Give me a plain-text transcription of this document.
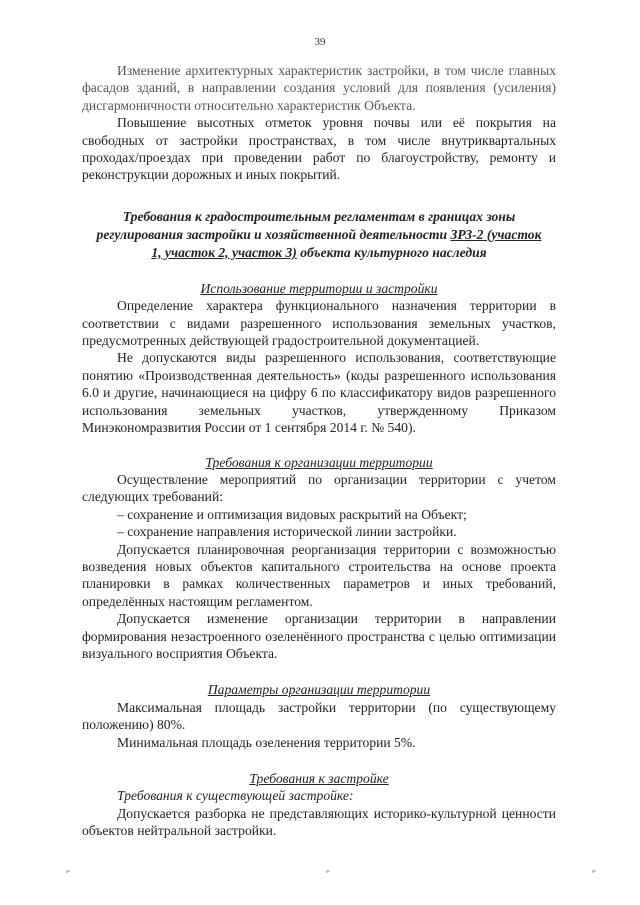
39

Изменение архитектурных характеристик застройки, в том числе главных фасадов зданий, в направлении создания условий для появления (усиления) дисгармоничности относительно характеристик Объекта.

Повышение высотных отметок уровня почвы или её покрытия на свободных от застройки пространствах, в том числе внутриквартальных проходах/проездах при проведении работ по благоустройству, ремонту и реконструкции дорожных и иных покрытий.

Требования к градостроительным регламентам в границах зоны регулирования застройки и хозяйственной деятельности ЗРЗ-2 (участок 1, участок 2, участок 3) объекта культурного наследия

Использование территории и застройки

Определение характера функционального назначения территории в соответствии с видами разрешенного использования земельных участков, предусмотренных действующей градостроительной документацией.

Не допускаются виды разрешенного использования, соответствующие понятию «Производственная деятельность» (коды разрешенного использования 6.0 и другие, начинающиеся на цифру 6 по классификатору видов разрешенного использования земельных участков, утвержденному Приказом Минэкономразвития России от 1 сентября 2014 г. № 540).

Требования к организации территории

Осуществление мероприятий по организации территории с учетом следующих требований:

– сохранение и оптимизация видовых раскрытий на Объект;

– сохранение направления исторической линии застройки.

Допускается планировочная реорганизация территории с возможностью возведения новых объектов капитального строительства на основе проекта планировки в рамках количественных параметров и иных требований, определённых настоящим регламентом.

Допускается изменение организации территории в направлении формирования незастроенного озеленённого пространства с целью оптимизации визуального восприятия Объекта.

Параметры организации территории

Максимальная площадь застройки территории (по существующему положению) 80%.

Минимальная площадь озеленения территории 5%.

Требования к застройке

Требования к существующей застройке:

Допускается разборка не представляющих историко-культурной ценности объектов нейтральной застройки.

ᵍᵒ	ᵍᵒ	ᵍᵒ
